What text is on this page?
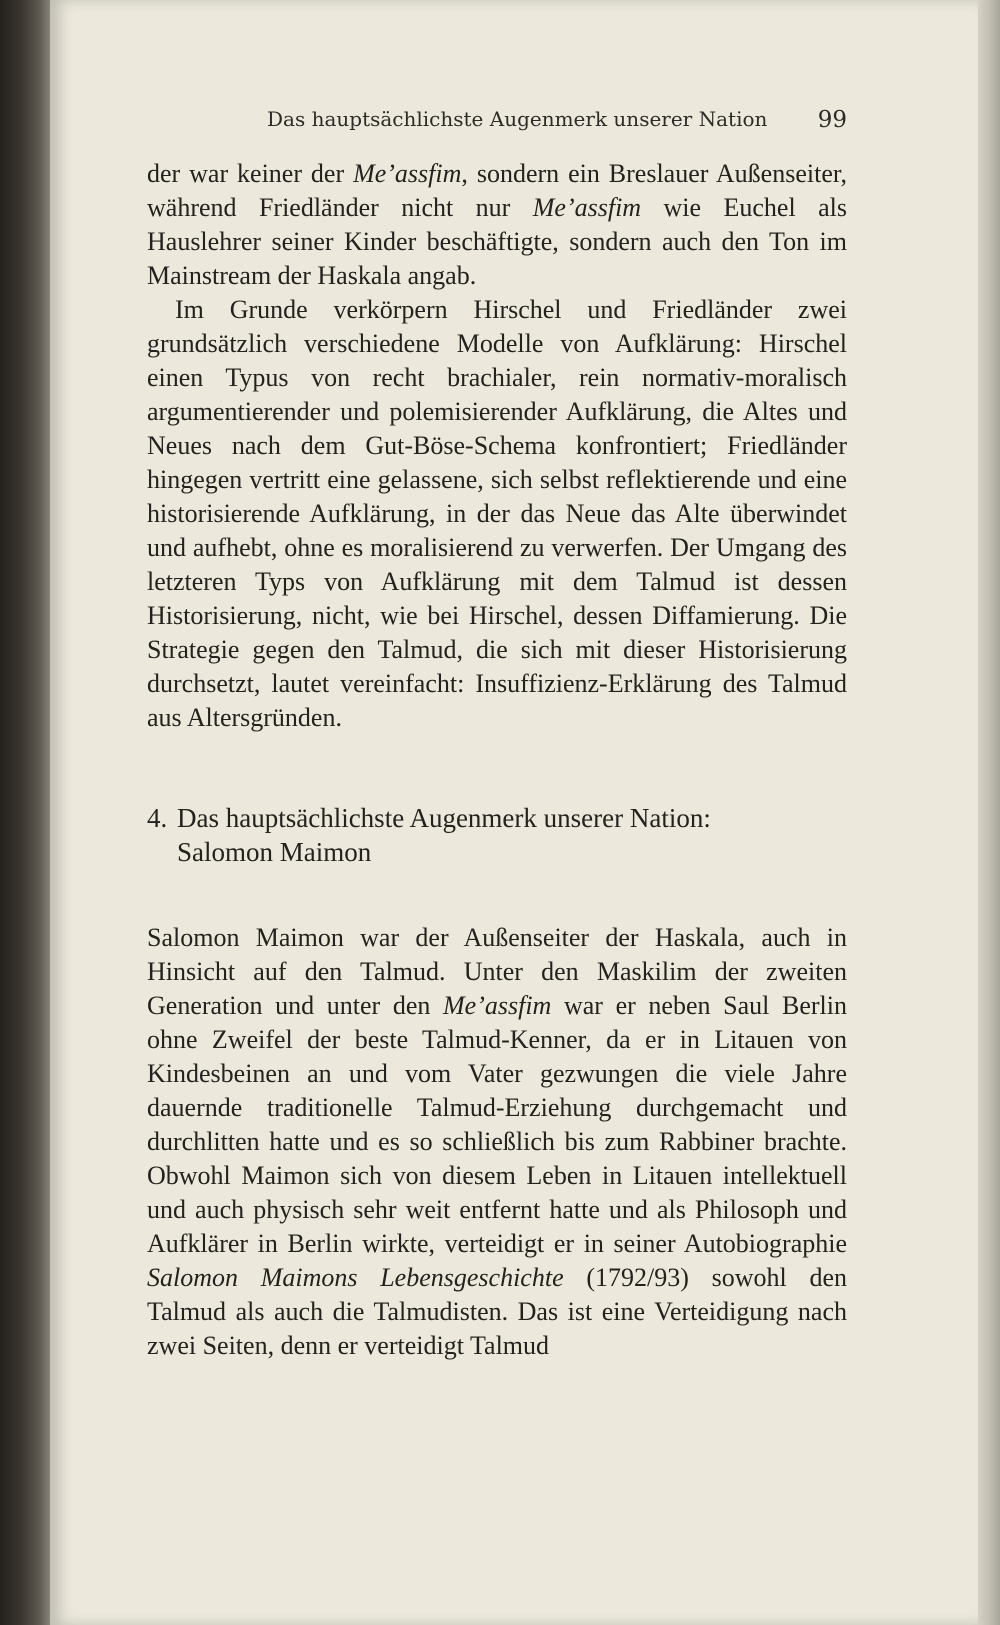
Das hauptsächlichste Augenmerk unserer Nation 99

der war keiner der Me’assfim, sondern ein Breslauer Außenseiter, während Friedländer nicht nur Me’assfim wie Euchel als Hauslehrer seiner Kinder beschäftigte, sondern auch den Ton im Mainstream der Haskala angab.

Im Grunde verkörpern Hirschel und Friedländer zwei grundsätzlich verschiedene Modelle von Aufklärung: Hirschel einen Typus von recht brachialer, rein normativ-moralisch argumentierender und polemisierender Aufklärung, die Altes und Neues nach dem Gut-Böse-Schema konfrontiert; Friedländer hingegen vertritt eine gelassene, sich selbst reflektierende und eine historisierende Aufklärung, in der das Neue das Alte überwindet und aufhebt, ohne es moralisierend zu verwerfen. Der Umgang des letzteren Typs von Aufklärung mit dem Talmud ist dessen Historisierung, nicht, wie bei Hirschel, dessen Diffamierung. Die Strategie gegen den Talmud, die sich mit dieser Historisierung durchsetzt, lautet vereinfacht: Insuffizienz-Erklärung des Talmud aus Altersgründen.

4. Das hauptsächlichste Augenmerk unserer Nation:
Salomon Maimon

Salomon Maimon war der Außenseiter der Haskala, auch in Hinsicht auf den Talmud. Unter den Maskilim der zweiten Generation und unter den Me’assfim war er neben Saul Berlin ohne Zweifel der beste Talmud-Kenner, da er in Litauen von Kindesbeinen an und vom Vater gezwungen die viele Jahre dauernde traditionelle Talmud-Erziehung durchgemacht und durchlitten hatte und es so schließlich bis zum Rabbiner brachte. Obwohl Maimon sich von diesem Leben in Litauen intellektuell und auch physisch sehr weit entfernt hatte und als Philosoph und Aufklärer in Berlin wirkte, verteidigt er in seiner Autobiographie Salomon Maimons Lebensgeschichte (1792/93) sowohl den Talmud als auch die Talmudisten. Das ist eine Verteidigung nach zwei Seiten, denn er verteidigt Talmud
